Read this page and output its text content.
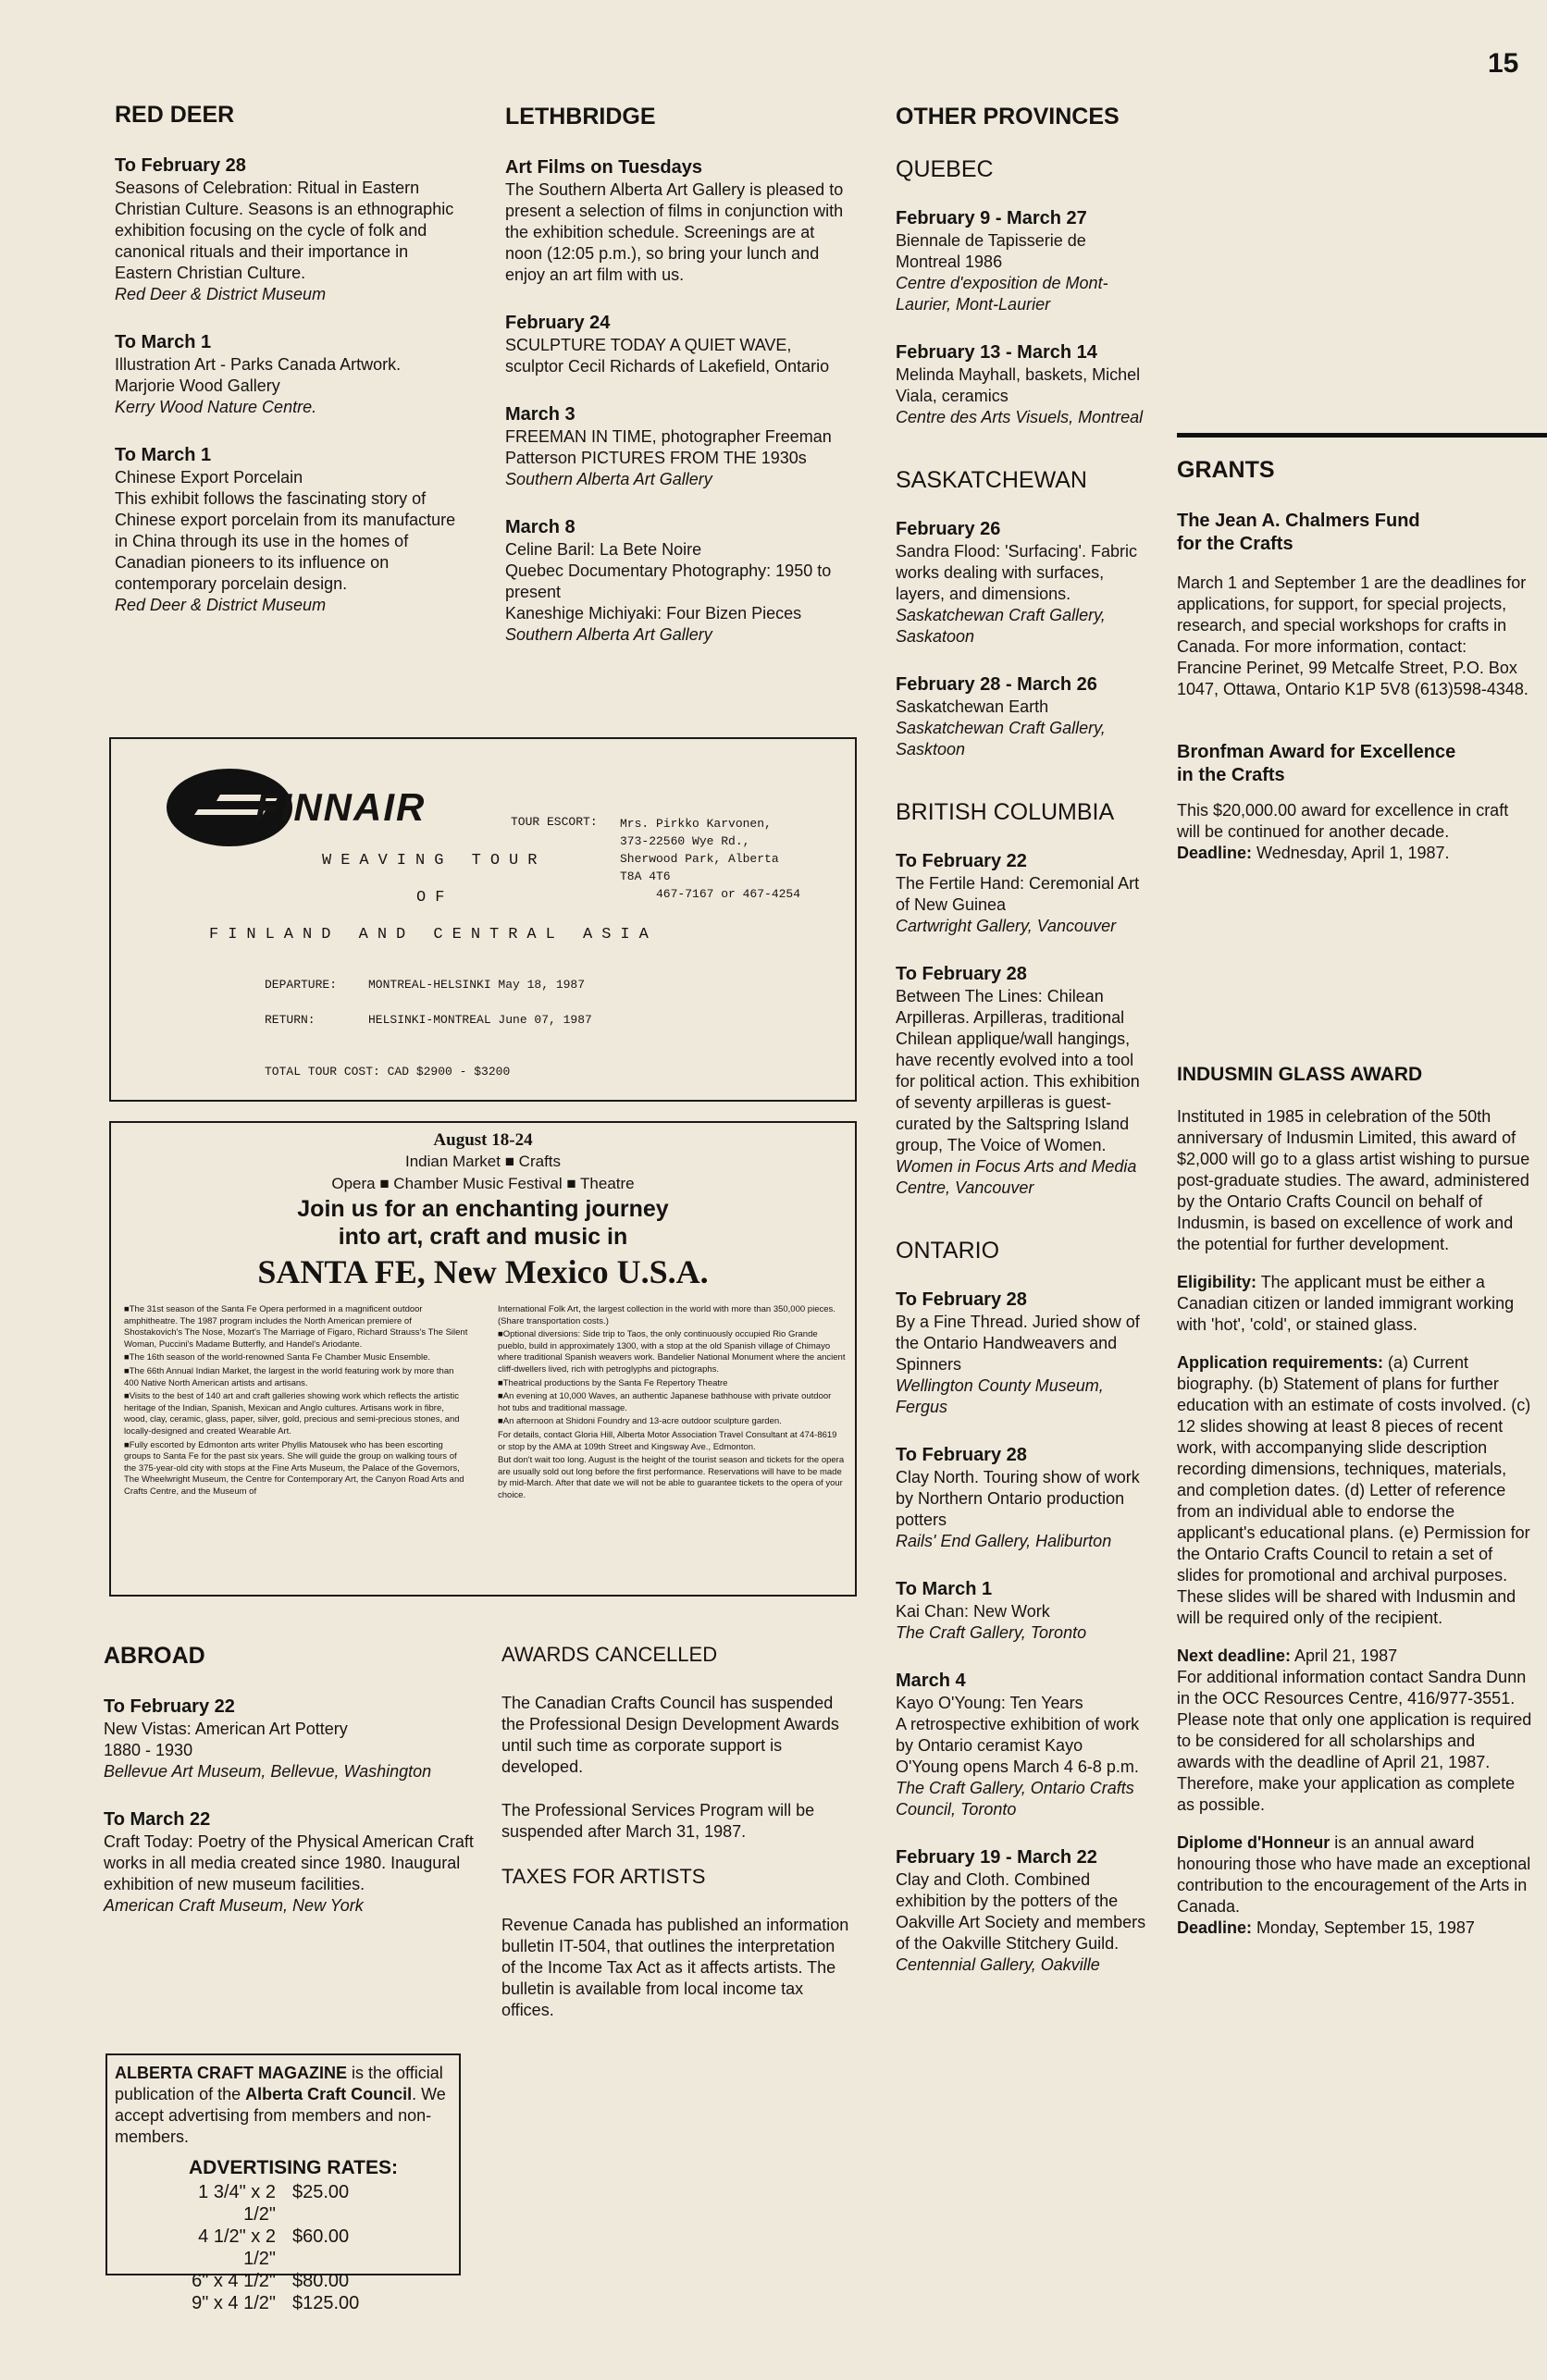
15
RED DEER
To February 28
Seasons of Celebration: Ritual in Eastern Christian Culture. Seasons is an ethnographic exhibition focusing on the cycle of folk and canonical rituals and their importance in Eastern Christian Culture.
Red Deer & District Museum
To March 1
Illustration Art - Parks Canada Artwork.
Marjorie Wood Gallery
Kerry Wood Nature Centre.
To March 1
Chinese Export Porcelain
This exhibit follows the fascinating story of Chinese export porcelain from its manufacture in China through its use in the homes of Canadian pioneers to its influence on contemporary porcelain design.
Red Deer & District Museum
LETHBRIDGE
Art Films on Tuesdays
The Southern Alberta Art Gallery is pleased to present a selection of films in conjunction with the exhibition schedule. Screenings are at noon (12:05 p.m.), so bring your lunch and enjoy an art film with us.
February 24
SCULPTURE TODAY A QUIET WAVE, sculptor Cecil Richards of Lakefield, Ontario
March 3
FREEMAN IN TIME, photographer Freeman Patterson PICTURES FROM THE 1930s
Southern Alberta Art Gallery
March 8
Celine Baril: La Bete Noire
Quebec Documentary Photography: 1950 to present
Kaneshige Michiyaki: Four Bizen Pieces
Southern Alberta Art Gallery
OTHER PROVINCES
QUEBEC
February 9 - March 27
Biennale de Tapisserie de Montreal 1986
Centre d'exposition de Mont-Laurier, Mont-Laurier
February 13 - March 14
Melinda Mayhall, baskets, Michel Viala, ceramics
Centre des Arts Visuels, Montreal
SASKATCHEWAN
February 26
Sandra Flood: 'Surfacing'. Fabric works dealing with surfaces, layers, and dimensions.
Saskatchewan Craft Gallery, Saskatoon
February 28 - March 26
Saskatchewan Earth
Saskatchewan Craft Gallery, Sasktoon
BRITISH COLUMBIA
To February 22
The Fertile Hand: Ceremonial Art of New Guinea
Cartwright Gallery, Vancouver
To February 28
Between The Lines: Chilean Arpilleras. Arpilleras, traditional Chilean applique/wall hangings, have recently evolved into a tool for political action. This exhibition of seventy arpilleras is guest-curated by the Saltspring Island group, The Voice of Women.
Women in Focus Arts and Media Centre, Vancouver
ONTARIO
To February 28
By a Fine Thread. Juried show of the Ontario Handweavers and Spinners
Wellington County Museum, Fergus
To February 28
Clay North. Touring show of work by Northern Ontario production potters
Rails' End Gallery, Haliburton
To March 1
Kai Chan: New Work
The Craft Gallery, Toronto
March 4
Kayo O'Young: Ten Years
A retrospective exhibition of work by Ontario ceramist Kayo O'Young opens March 4 6-8 p.m.
The Craft Gallery, Ontario Crafts Council, Toronto
February 19 - March 22
Clay and Cloth. Combined exhibition by the potters of the Oakville Art Society and members of the Oakville Stitchery Guild.
Centennial Gallery, Oakville
GRANTS
The Jean A. Chalmers Fund
for the Crafts
March 1 and September 1 are the deadlines for applications, for support, for special projects, research, and special workshops for crafts in Canada. For more information, contact: Francine Perinet, 99 Metcalfe Street, P.O. Box 1047, Ottawa, Ontario K1P 5V8 (613)598-4348.
Bronfman Award for Excellence
in the Crafts
This $20,000.00 award for excellence in craft will be continued for another decade.
Deadline: Wednesday, April 1, 1987.
INDUSMIN GLASS AWARD
Instituted in 1985 in celebration of the 50th anniversary of Indusmin Limited, this award of $2,000 will go to a glass artist wishing to pursue post-graduate studies. The award, administered by the Ontario Crafts Council on behalf of Indusmin, is based on excellence of work and the potential for further development.
Eligibility: The applicant must be either a Canadian citizen or landed immigrant working with 'hot', 'cold', or stained glass.
Application requirements: (a) Current biography. (b) Statement of plans for further education with an estimate of costs involved. (c) 12 slides showing at least 8 pieces of recent work, with accompanying slide description recording dimensions, techniques, materials, and completion dates. (d) Letter of reference from an individual able to endorse the applicant's educational plans. (e) Permission for the Ontario Crafts Council to retain a set of slides for promotional and archival purposes. These slides will be shared with Indusmin and will be required only of the recipient.
Next deadline: April 21, 1987
For additional information contact Sandra Dunn in the OCC Resources Centre, 416/977-3551. Please note that only one application is required to be considered for all scholarships and awards with the deadline of April 21, 1987. Therefore, make your application as complete as possible.
Diplome d'Honneur is an annual award honouring those who have made an exceptional contribution to the encouragement of the Arts in Canada.
Deadline: Monday, September 15, 1987
FINNAIR
WEAVING TOUR
OF
FINLAND AND CENTRAL ASIA
TOUR ESCORT: Mrs. Pirkko Karvonen,
373-22560 Wye Rd.,
Sherwood Park, Alberta
T8A 4T6
467-7167 or 467-4254
DEPARTURE:	MONTREAL-HELSINKI May 18, 1987
RETURN:	HELSINKI-MONTREAL June 07, 1987
TOTAL TOUR COST: CAD $2900 - $3200
August 18-24
Indian Market ■ Crafts
Opera ■ Chamber Music Festival ■ Theatre
Join us for an enchanting journey
into art, craft and music in
SANTA FE, New Mexico U.S.A.

■The 31st season of the Santa Fe Opera performed in a magnificent outdoor amphitheatre. The 1987 program includes the North American premiere of Shostakovich's The Nose, Mozart's The Marriage of Figaro, Richard Strauss's The Silent Woman, Puccini's Madame Butterfly, and Handel's Ariodante.

■The 16th season of the world-renowned Santa Fe Chamber Music Ensemble.

■The 66th Annual Indian Market, the largest in the world featuring work by more than 400 Native North American artists and artisans.

■Visits to the best of 140 art and craft galleries showing work which reflects the artistic heritage of the Indian, Spanish, Mexican and Anglo cultures. Artisans work in fibre, wood, clay, ceramic, glass, paper, silver, gold, precious and semi-precious stones, and locally-designed and created Wearable Art.

■Fully escorted by Edmonton arts writer Phyllis Matousek who has been escorting groups to Santa Fe for the past six years. She will guide the group on walking tours of the 375-year-old city with stops at the Fine Arts Museum, the Palace of the Governors, The Wheelwright Museum, the Centre for Contemporary Art, the Canyon Road Arts and Crafts Centre, and the Museum of

International Folk Art, the largest collection in the world with more than 350,000 pieces. (Share transportation costs.)

■Optional diversions: Side trip to Taos, the only continuously occupied Rio Grande pueblo, build in approximately 1300, with a stop at the old Spanish village of Chimayo where traditional Spanish weavers work. Bandelier National Monument where the ancient cliff-dwellers lived, rich with petroglyphs and pictographs.

■Theatrical productions by the Santa Fe Repertory Theatre

■An evening at 10,000 Waves, an authentic Japanese bathhouse with private outdoor hot tubs and traditional massage.

■An afternoon at Shidoni Foundry and 13-acre outdoor sculpture garden.

For details, contact Gloria Hill, Alberta Motor Association Travel Consultant at 474-8619 or stop by the AMA at 109th Street and Kingsway Ave., Edmonton.

But don't wait too long. August is the height of the tourist season and tickets for the opera are usually sold out long before the first performance. Reservations will have to be made by mid-March. After that date we will not be able to guarantee tickets to the opera of your choice.

ABROAD
To February 22
New Vistas: American Art Pottery
1880 - 1930
Bellevue Art Museum, Bellevue, Washington
To March 22
Craft Today: Poetry of the Physical American Craft works in all media created since 1980. Inaugural exhibition of new museum facilities.
American Craft Museum, New York
AWARDS CANCELLED
The Canadian Crafts Council has suspended the Professional Design Development Awards until such time as corporate support is developed.
The Professional Services Program will be suspended after March 31, 1987.
TAXES FOR ARTISTS
Revenue Canada has published an information bulletin IT-504, that outlines the interpretation of the Income Tax Act as it affects artists. The bulletin is available from local income tax offices.
ALBERTA CRAFT MAGAZINE is the official publication of the Alberta Craft Council. We accept advertising from members and non-members.
ADVERTISING RATES:
1 3/4" x 2 1/2"
$25.00
4 1/2" x 2 1/2"
$60.00
6" x 4 1/2" $80.00
9" x 4 1/2" $125.00
